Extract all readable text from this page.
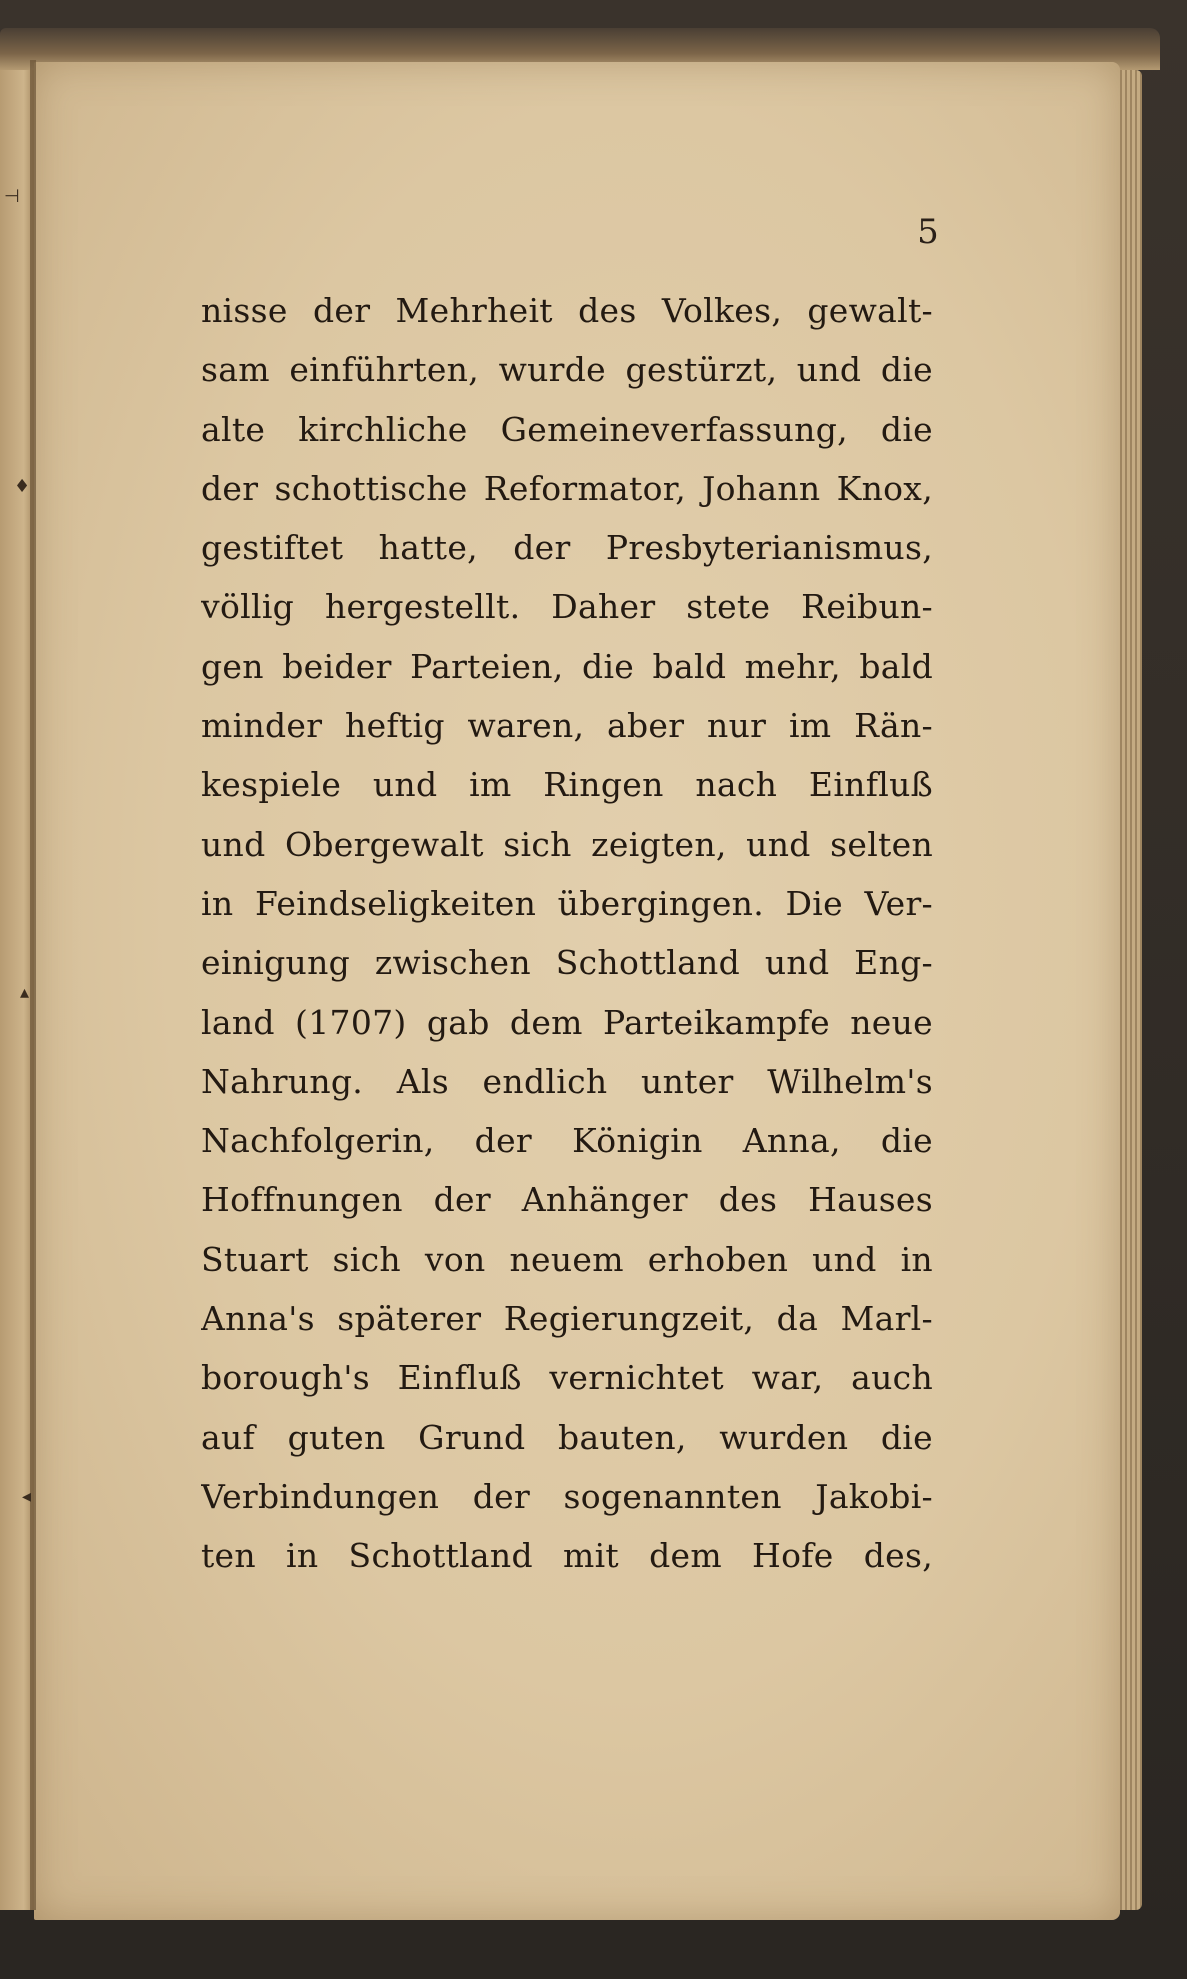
⊣
♦
▴
◂
5
nisse der Mehrheit des Volkes, gewalt-
sam einführten, wurde gestürzt, und die
alte kirchliche Gemeineverfassung, die
der schottische Reformator, Johann Knox,
gestiftet hatte, der Presbyterianismus,
völlig hergestellt. Daher stete Reibun-
gen beider Parteien, die bald mehr, bald
minder heftig waren, aber nur im Rän-
kespiele und im Ringen nach Einfluß
und Obergewalt sich zeigten, und selten
in Feindseligkeiten übergingen. Die Ver-
einigung zwischen Schottland und Eng-
land (1707) gab dem Parteikampfe neue
Nahrung. Als endlich unter Wilhelm's
Nachfolgerin, der Königin Anna, die
Hoffnungen der Anhänger des Hauses
Stuart sich von neuem erhoben und in
Anna's späterer Regierungzeit, da Marl-
borough's Einfluß vernichtet war, auch
auf guten Grund bauten, wurden die
Verbindungen der sogenannten Jakobi-
ten in Schottland mit dem Hofe des,
